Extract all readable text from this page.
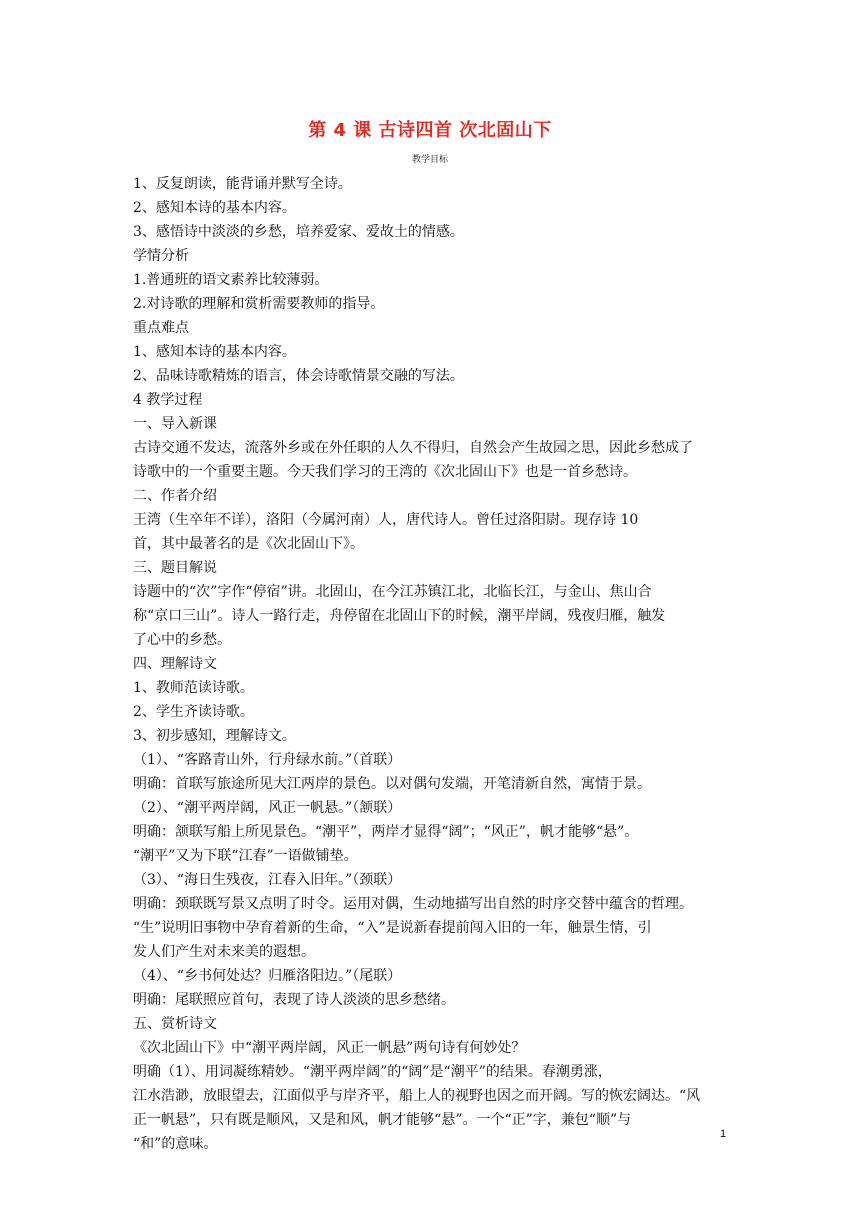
第 4 课 古诗四首 次北固山下
教学目标
1、反复朗读，能背诵并默写全诗。
2、感知本诗的基本内容。
3、感悟诗中淡淡的乡愁，培养爱家、爱故土的情感。
学情分析
1.普通班的语文素养比较薄弱。
2.对诗歌的理解和赏析需要教师的指导。
重点难点
1、感知本诗的基本内容。
2、品味诗歌精炼的语言，体会诗歌情景交融的写法。
4 教学过程
一、导入新课
古诗交通不发达，流落外乡或在外任职的人久不得归，自然会产生故园之思，因此乡愁成了
诗歌中的一个重要主题。今天我们学习的王湾的《次北固山下》也是一首乡愁诗。
二、作者介绍
王湾（生卒年不详），洛阳（今属河南）人，唐代诗人。曾任过洛阳尉。现存诗 10
首，其中最著名的是《次北固山下》。
三、题目解说
诗题中的“次”字作“停宿”讲。北固山，在今江苏镇江北，北临长江，与金山、焦山合
称“京口三山”。诗人一路行走，舟停留在北固山下的时候，潮平岸阔，残夜归雁，触发
了心中的乡愁。
四、理解诗文
1、教师范读诗歌。
2、学生齐读诗歌。
3、初步感知，理解诗文。
（1）、“客路青山外，行舟绿水前。”（首联）
明确：首联写旅途所见大江两岸的景色。以对偶句发端，开笔清新自然，寓情于景。
（2）、“潮平两岸阔，风正一帆悬。”（颔联）
明确：颔联写船上所见景色。“潮平”，两岸才显得“阔”；“风正”，帆才能够“悬”。
“潮平”又为下联“江春”一语做铺垫。
（3）、“海日生残夜，江春入旧年。”（颈联）
明确：颈联既写景又点明了时令。运用对偶，生动地描写出自然的时序交替中蕴含的哲理。
“生”说明旧事物中孕育着新的生命，“入”是说新春提前闯入旧的一年，触景生情，引
发人们产生对未来美的遐想。
（4）、“乡书何处达？归雁洛阳边。”（尾联）
明确：尾联照应首句，表现了诗人淡淡的思乡愁绪。
五、赏析诗文
《次北固山下》中“潮平两岸阔，风正一帆悬”两句诗有何妙处？
明确（1）、用词凝练精妙。“潮平两岸阔”的“阔”是“潮平”的结果。春潮勇涨，
江水浩渺，放眼望去，江面似乎与岸齐平，船上人的视野也因之而开阔。写的恢宏阔达。“风
正一帆悬”，只有既是顺风，又是和风，帆才能够“悬”。一个“正”字，兼包“顺”与
“和”的意味。
1
